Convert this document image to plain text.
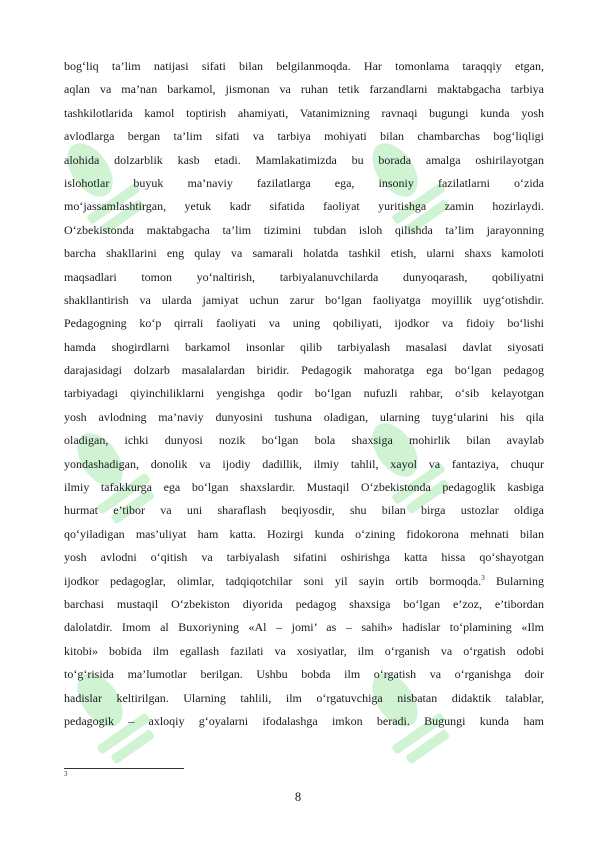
bog‘liq ta’lim natijasi sifati bilan belgilanmoqda. Har tomonlama taraqqiy etgan,
aqlan va ma’nan barkamol, jismonan va ruhan tetik farzandlarni maktabgacha tarbiya
tashkilotlarida kamol toptirish ahamiyati, Vatanimizning ravnaqi bugungi kunda yosh
avlodlarga bergan ta’lim sifati va tarbiya mohiyati bilan chambarchas bog‘liqligi
alohida dolzarblik kasb etadi. Mamlakatimizda bu borada amalga oshirilayotgan
islohotlar buyuk ma’naviy fazilatlarga ega, insoniy fazilatlarni o‘zida
mo‘jassamlashtirgan, yetuk kadr sifatida faoliyat yuritishga zamin hozirlaydi.
O‘zbekistonda maktabgacha ta’lim tizimini tubdan isloh qilishda ta’lim jarayonning
barcha shakllarini eng qulay va samarali holatda tashkil etish, ularni shaxs kamoloti
maqsadlari tomon yo‘naltirish, tarbiyalanuvchilarda dunyoqarash, qobiliyatni
shakllantirish va ularda jamiyat uchun zarur bo‘lgan faoliyatga moyillik uyg‘otishdir.
Pedagogning ko‘p qirrali faoliyati va uning qobiliyati, ijodkor va fidoiy bo‘lishi
hamda shogirdlarni barkamol insonlar qilib tarbiyalash masalasi davlat siyosati
darajasidagi dolzarb masalalardan biridir. Pedagogik mahoratga ega bo‘lgan pedagog
tarbiyadagi qiyinchiliklarni yengishga qodir bo‘lgan nufuzli rahbar, o‘sib kelayotgan
yosh avlodning ma’naviy dunyosini tushuna oladigan, ularning tuyg‘ularini his qila
oladigan, ichki dunyosi nozik bo‘lgan bola shaxsiga mohirlik bilan avaylab
yondashadigan, donolik va ijodiy dadillik, ilmiy tahlil, xayol va fantaziya, chuqur
ilmiy tafakkurga ega bo‘lgan shaxslardir. Mustaqil O‘zbekistonda pedagoglik kasbiga
hurmat e’tibor va uni sharaflash beqiyosdir, shu bilan birga ustozlar oldiga
qo‘yiladigan mas’uliyat ham katta. Hozirgi kunda o‘zining fidokorona mehnati bilan
yosh avlodni o‘qitish va tarbiyalash sifatini oshirishga katta hissa qo‘shayotgan
ijodkor pedagoglar, olimlar, tadqiqotchilar soni yil sayin ortib bormoqda.$^3$ Bularning
barchasi mustaqil O‘zbekiston diyorida pedagog shaxsiga bo‘lgan e’zoz, e’tibordan
dalolatdir. Imom al Buxoriyning «Al – jomi’ as – sahih» hadislar to‘plamining «Ilm
kitobi» bobida ilm egallash fazilati va xosiyatlar, ilm o‘rganish va o‘rgatish odobi
to‘g‘risida ma’lumotlar berilgan. Ushbu bobda ilm o‘rgatish va o‘rganishga doir
hadislar keltirilgan. Ularning tahlili, ilm o‘rgatuvchiga nisbatan didaktik talablar,
pedagogik – axloqiy g‘oyalarni ifodalashga imkon beradi. Bugungi kunda ham
3
8
